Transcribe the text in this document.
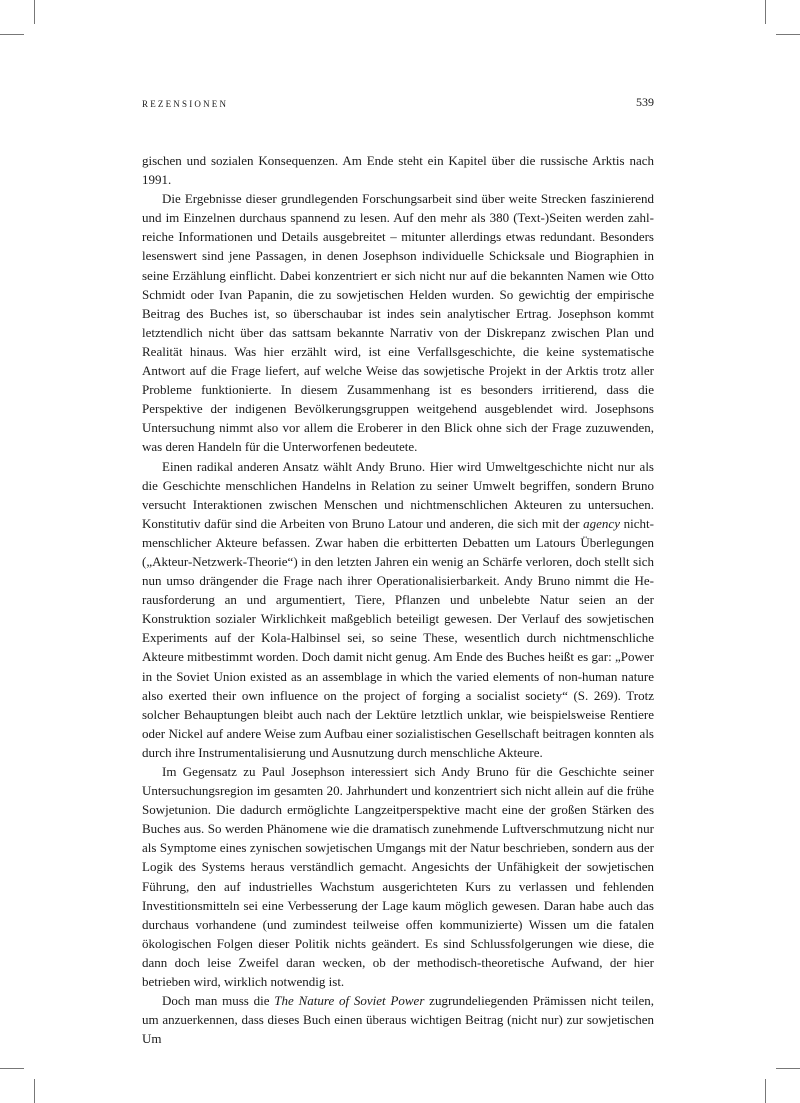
rezensionen	539

gischen und sozialen Konsequenzen. Am Ende steht ein Kapitel über die russische Arktis nach 1991.

Die Ergebnisse dieser grundlegenden Forschungsarbeit sind über weite Strecken faszinierend und im Einzelnen durchaus spannend zu lesen. Auf den mehr als 380 (Text-)Seiten werden zahlreiche Informationen und Details ausgebreitet – mitunter allerdings etwas redundant. Besonders lesenswert sind jene Passagen, in denen Josephson individuelle Schicksale und Biographien in seine Erzählung einflicht. Dabei konzentriert er sich nicht nur auf die bekannten Namen wie Otto Schmidt oder Ivan Papanin, die zu sowjetischen Helden wurden. So gewichtig der empirische Beitrag des Buches ist, so überschaubar ist indes sein analytischer Ertrag. Josephson kommt letztendlich nicht über das sattsam bekannte Narrativ von der Diskrepanz zwischen Plan und Realität hinaus. Was hier erzählt wird, ist eine Verfallsgeschichte, die keine systematische Antwort auf die Frage liefert, auf welche Weise das sowjetische Projekt in der Arktis trotz aller Probleme funktionierte. In diesem Zusammenhang ist es besonders irritierend, dass die Perspektive der indigenen Bevölkerungsgruppen weitgehend ausgeblendet wird. Josephsons Untersuchung nimmt also vor allem die Eroberer in den Blick ohne sich der Frage zuzuwenden, was deren Handeln für die Unterworfenen bedeutete.

Einen radikal anderen Ansatz wählt Andy Bruno. Hier wird Umweltgeschichte nicht nur als die Geschichte menschlichen Handelns in Relation zu seiner Umwelt begriffen, sondern Bruno versucht Interaktionen zwischen Menschen und nichtmenschlichen Akteuren zu untersuchen. Konstitutiv dafür sind die Arbeiten von Bruno Latour und anderen, die sich mit der agency nichtmenschlicher Akteure befassen. Zwar haben die erbitterten Debatten um Latours Überlegungen („Akteur-Netzwerk-Theorie“) in den letzten Jahren ein wenig an Schärfe verloren, doch stellt sich nun umso drängender die Frage nach ihrer Operationalisierbarkeit. Andy Bruno nimmt die Herausforderung an und argumentiert, Tiere, Pflanzen und unbelebte Natur seien an der Konstruktion sozialer Wirklichkeit maßgeblich beteiligt gewesen. Der Verlauf des sowjetischen Experiments auf der Kola-Halbinsel sei, so seine These, wesentlich durch nichtmenschliche Akteure mitbestimmt worden. Doch damit nicht genug. Am Ende des Buches heißt es gar: „Power in the Soviet Union existed as an assemblage in which the varied elements of non-human nature also exerted their own influence on the project of forging a socialist society“ (S. 269). Trotz solcher Behauptungen bleibt auch nach der Lektüre letztlich unklar, wie beispielsweise Rentiere oder Nickel auf andere Weise zum Aufbau einer sozialistischen Gesellschaft beitragen konnten als durch ihre Instrumentalisierung und Ausnutzung durch menschliche Akteure.

Im Gegensatz zu Paul Josephson interessiert sich Andy Bruno für die Geschichte seiner Untersuchungsregion im gesamten 20. Jahrhundert und konzentriert sich nicht allein auf die frühe Sowjetunion. Die dadurch ermöglichte Langzeitperspektive macht eine der großen Stärken des Buches aus. So werden Phänomene wie die dramatisch zunehmende Luftverschmutzung nicht nur als Symptome eines zynischen sowjetischen Umgangs mit der Natur beschrieben, sondern aus der Logik des Systems heraus verständlich gemacht. Angesichts der Unfähigkeit der sowjetischen Führung, den auf industrielles Wachstum ausgerichteten Kurs zu verlassen und fehlenden Investitionsmitteln sei eine Verbesserung der Lage kaum möglich gewesen. Daran habe auch das durchaus vorhandene (und zumindest teilweise offen kommunizierte) Wissen um die fatalen ökologischen Folgen dieser Politik nichts geändert. Es sind Schlussfolgerungen wie diese, die dann doch leise Zweifel daran wecken, ob der methodisch-theoretische Aufwand, der hier betrieben wird, wirklich notwendig ist.

Doch man muss die The Nature of Soviet Power zugrundeliegenden Prämissen nicht teilen, um anzuerkennen, dass dieses Buch einen überaus wichtigen Beitrag (nicht nur) zur sowjetischen Um
